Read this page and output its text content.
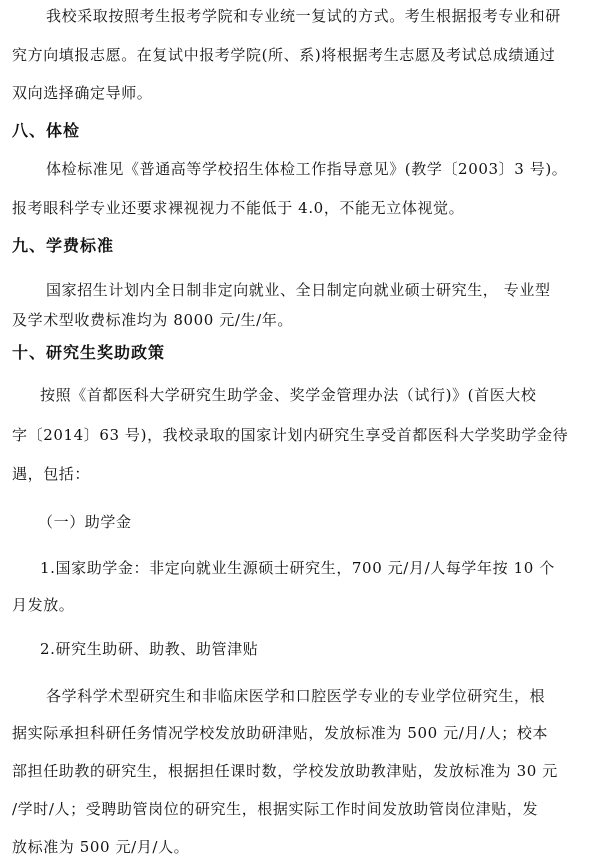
我校采取按照考生报考学院和专业统一复试的方式。考生根据报考专业和研
究方向填报志愿。在复试中报考学院(所、系)将根据考生志愿及考试总成绩通过
双向选择确定导师。
八、体检
体检标准见《普通高等学校招生体检工作指导意见》(教学〔2003〕3 号)。
报考眼科学专业还要求裸视视力不能低于 4.0，不能无立体视觉。
九、学费标准
国家招生计划内全日制非定向就业、全日制定向就业硕士研究生， 专业型
及学术型收费标准均为 8000 元/生/年。
十、研究生奖助政策
按照《首都医科大学研究生助学金、奖学金管理办法（试行)》(首医大校
字〔2014〕63 号)，我校录取的国家计划内研究生享受首都医科大学奖助学金待
遇，包括：
（一）助学金
1.国家助学金：非定向就业生源硕士研究生，700 元/月/人每学年按 10 个
月发放。
2.研究生助研、助教、助管津贴
各学科学术型研究生和非临床医学和口腔医学专业的专业学位研究生，根
据实际承担科研任务情况学校发放助研津贴，发放标准为 500 元/月/人；校本
部担任助教的研究生，根据担任课时数，学校发放助教津贴，发放标准为 30 元
/学时/人；受聘助管岗位的研究生，根据实际工作时间发放助管岗位津贴，发
放标准为 500 元/月/人。
